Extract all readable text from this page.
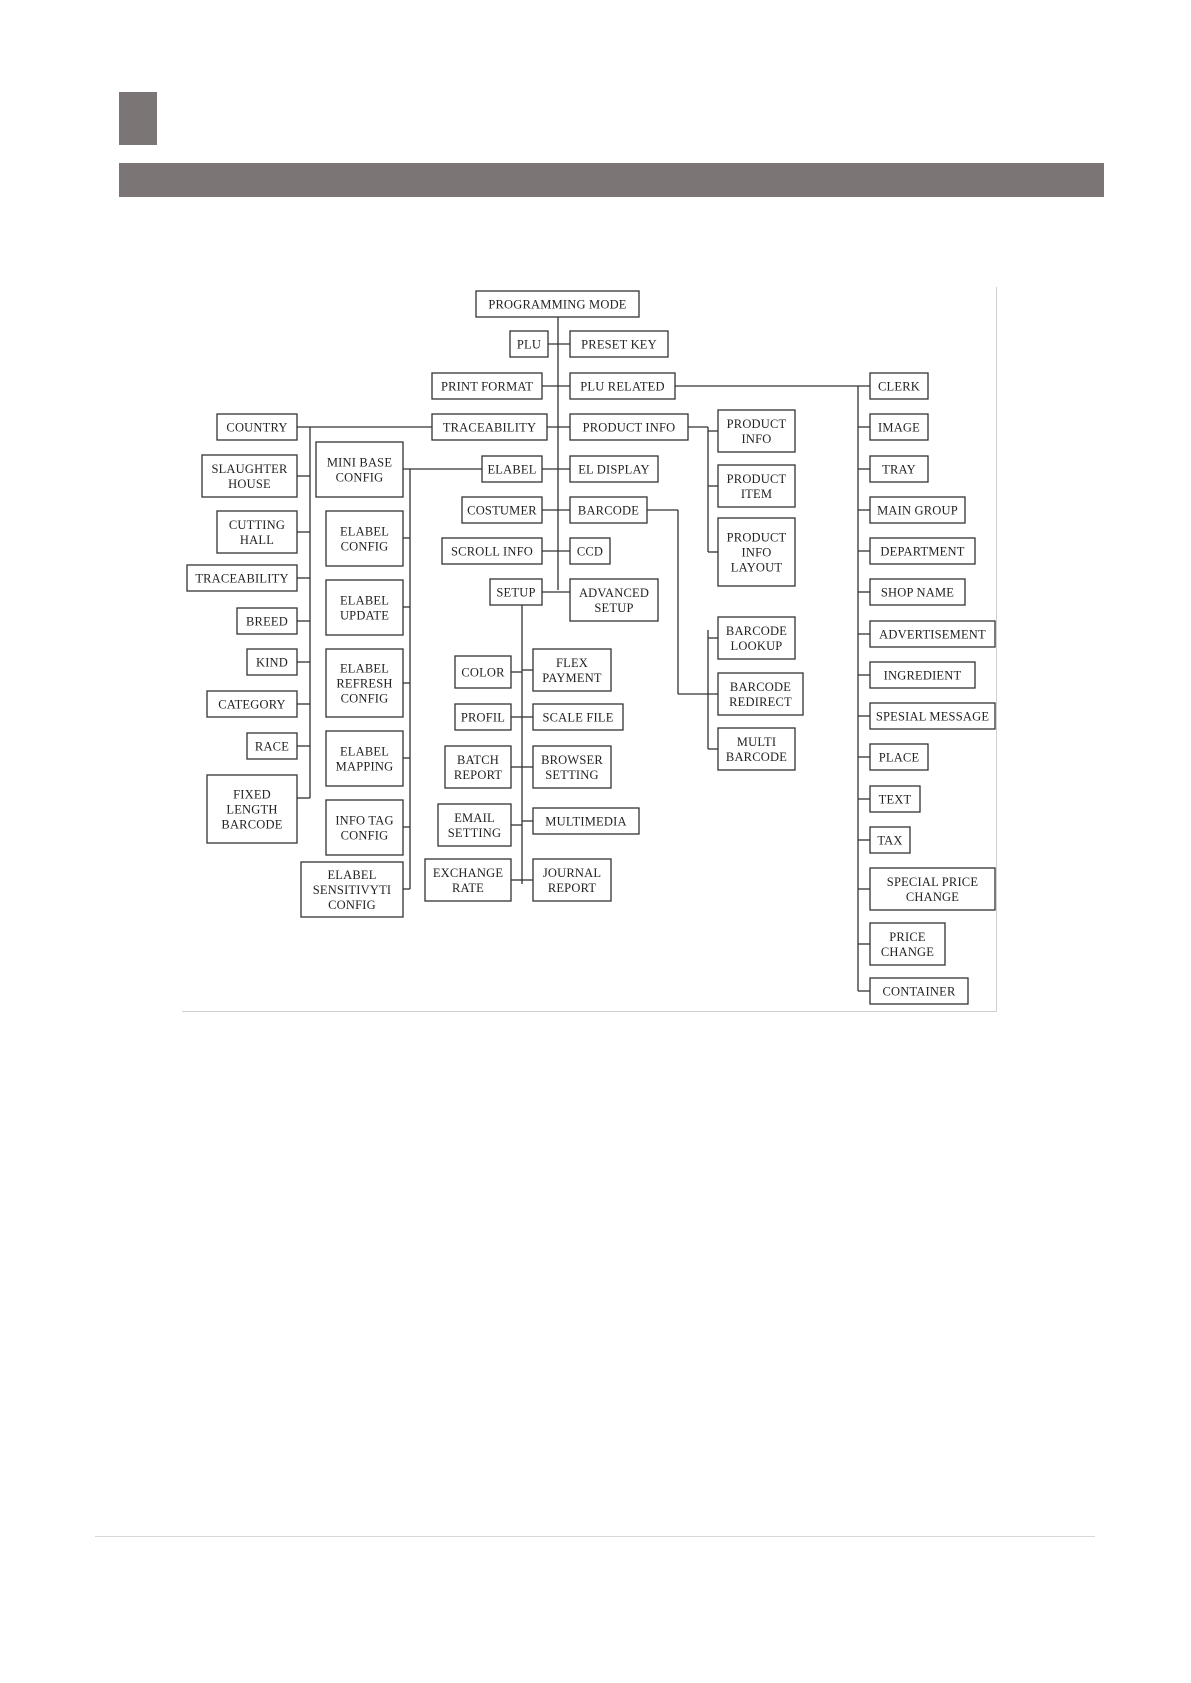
PROGRAMMING MODE
PLU	PRESET KEY
PRINT FORMAT	PLU RELATED
TRACEABILITY	PRODUCT INFO
ELABEL	EL DISPLAY
COSTUMER	BARCODE
SCROLL INFO	CCD
SETUP	ADVANCED SETUP
COUNTRY
SLAUGHTER HOUSE
CUTTING HALL
TRACEABILITY
BREED
KIND
CATEGORY
RACE
FIXED LENGTH BARCODE
MINI BASE CONFIG
ELABEL CONFIG
ELABEL UPDATE
ELABEL REFRESH CONFIG
ELABEL MAPPING
INFO TAG CONFIG
ELABEL SENSITIVYTI CONFIG
COLOR
FLEX PAYMENT
PROFIL	SCALE FILE
BATCH REPORT
BROWSER SETTING
EMAIL SETTING
MULTIMEDIA
EXCHANGE RATE
JOURNAL REPORT
PRODUCT INFO
PRODUCT ITEM
PRODUCT INFO LAYOUT
BARCODE LOOKUP
BARCODE REDIRECT
MULTI BARCODE
CLERK
IMAGE
TRAY
MAIN GROUP
DEPARTMENT
SHOP NAME
ADVERTISEMENT
INGREDIENT
SPESIAL MESSAGE
PLACE
TEXT
TAX
SPECIAL PRICE CHANGE
PRICE CHANGE
CONTAINER
